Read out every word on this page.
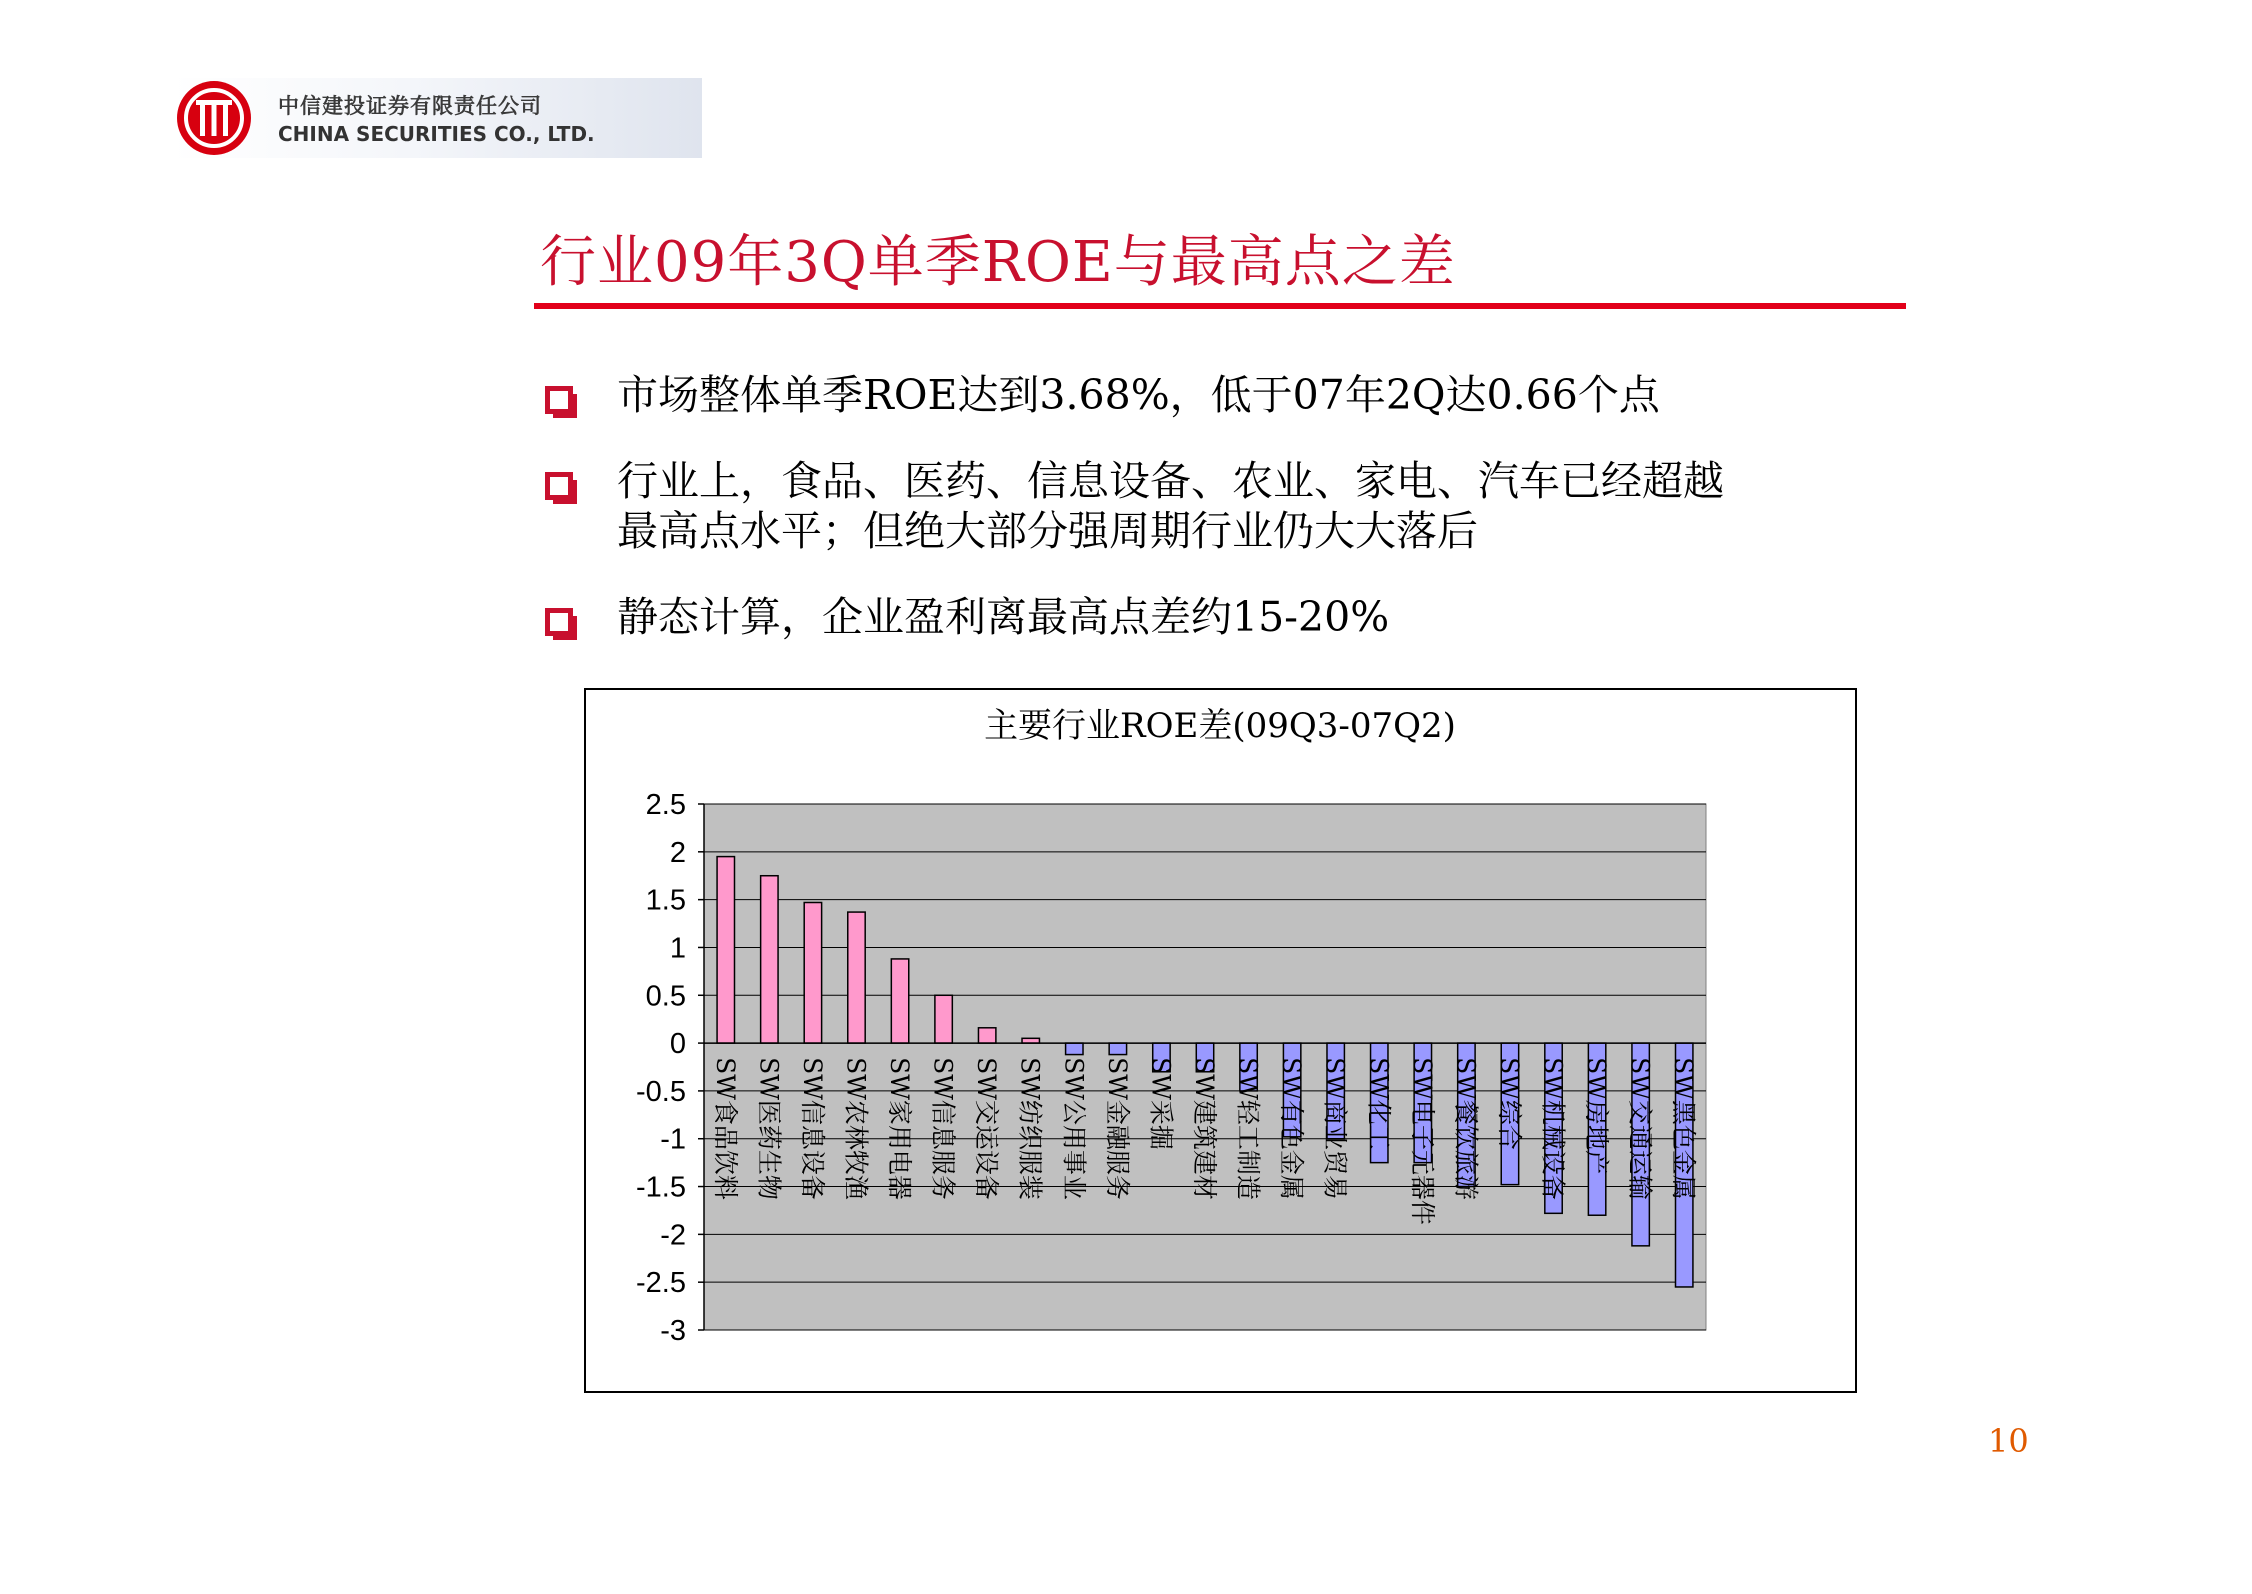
中信建投证券有限责任公司
CHINA SECURITIES CO., LTD.
行业09年3Q单季ROE与最高点之差
市场整体单季ROE达到3.68%，低于07年2Q达0.66个点
行业上，食品、医药、信息设备、农业、家电、汽车已经超越
最高点水平；但绝大部分强周期行业仍大大落后
静态计算，企业盈利离最高点差约15-20%
主要行业ROE差(09Q3-07Q2)
2.5
2
1.5
1
0.5
0
-0.5
-1
-1.5
-2
-2.5
-3
SW食品饮料 SW医药生物 SW信息设备 SW农林牧渔 SW家用电器 SW信息服务 SW交运设备 SW纺织服装 SW公用事业 SW金融服务 SW采掘 SW建筑建材 SW轻工制造 SW有色金属 SW商业贸易 SW化工 SW电子元器件 SW餐饮旅游 SW综合 SW机械设备 SW房地产 SW交通运输 SW黑色金属
10
